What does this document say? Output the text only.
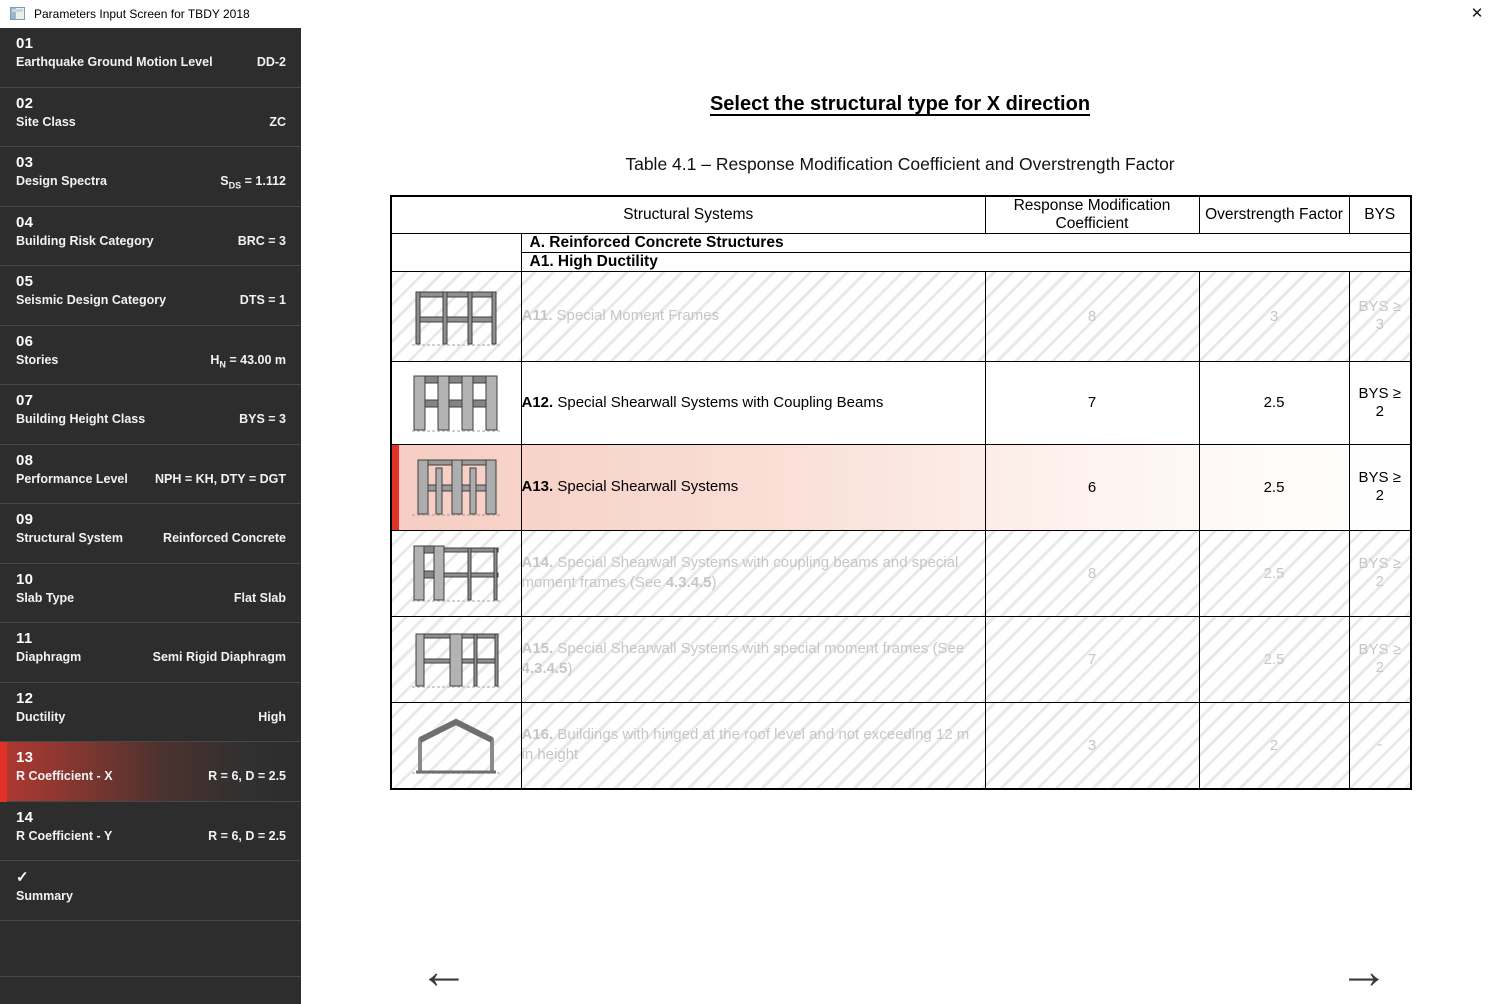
Parameters Input Screen for TBDY 2018	✕
01
Earthquake Ground Motion Level	DD-2
02
Site Class	ZC
03
Design Spectra	$S_{DS} = 1.112$
04
Building Risk Category	BRC = 3
05
Seismic Design Category	DTS = 1
06
Stories	$H_N = 43.00$ m
07
Building Height Class	BYS = 3
08
Performance Level NPH = KH, DTY = DGT
09
Structural System	Reinforced Concrete
10
Slab Type	Flat Slab
11
Diaphragm	Semi Rigid Diaphragm
12
Ductility	High
13
R Coefficient - X	R = 6, D = 2.5
14
R Coefficient - Y	R = 6, D = 2.5
✓
Summary
Select the structural type for X direction
Table 4.1 – Response Modification Coefficient and Overstrength Factor
Structural Systems		Response Modification Coefficient	Overstrength Factor	BYS
	A. Reinforced Concrete Structures			
	A1. High Ductility			

	A11. Special Moment Frames	8	3	BYS ≥
3

	A12. Special Shearwall Systems with Coupling Beams	7	2.5	BYS ≥
2

	A13. Special Shearwall Systems	6	2.5	BYS ≥
2

	A14. Special Shearwall Systems with coupling beams and special moment frames (See 4.3.4.5)	8	2.5	BYS ≥
2

	A15. Special Shearwall Systems with special moment frames (See 4.3.4.5)	7	2.5	BYS ≥
2

	A16. Buildings with hinged at the roof level and not exceeding 12 m in height	3	2	-
←	→
